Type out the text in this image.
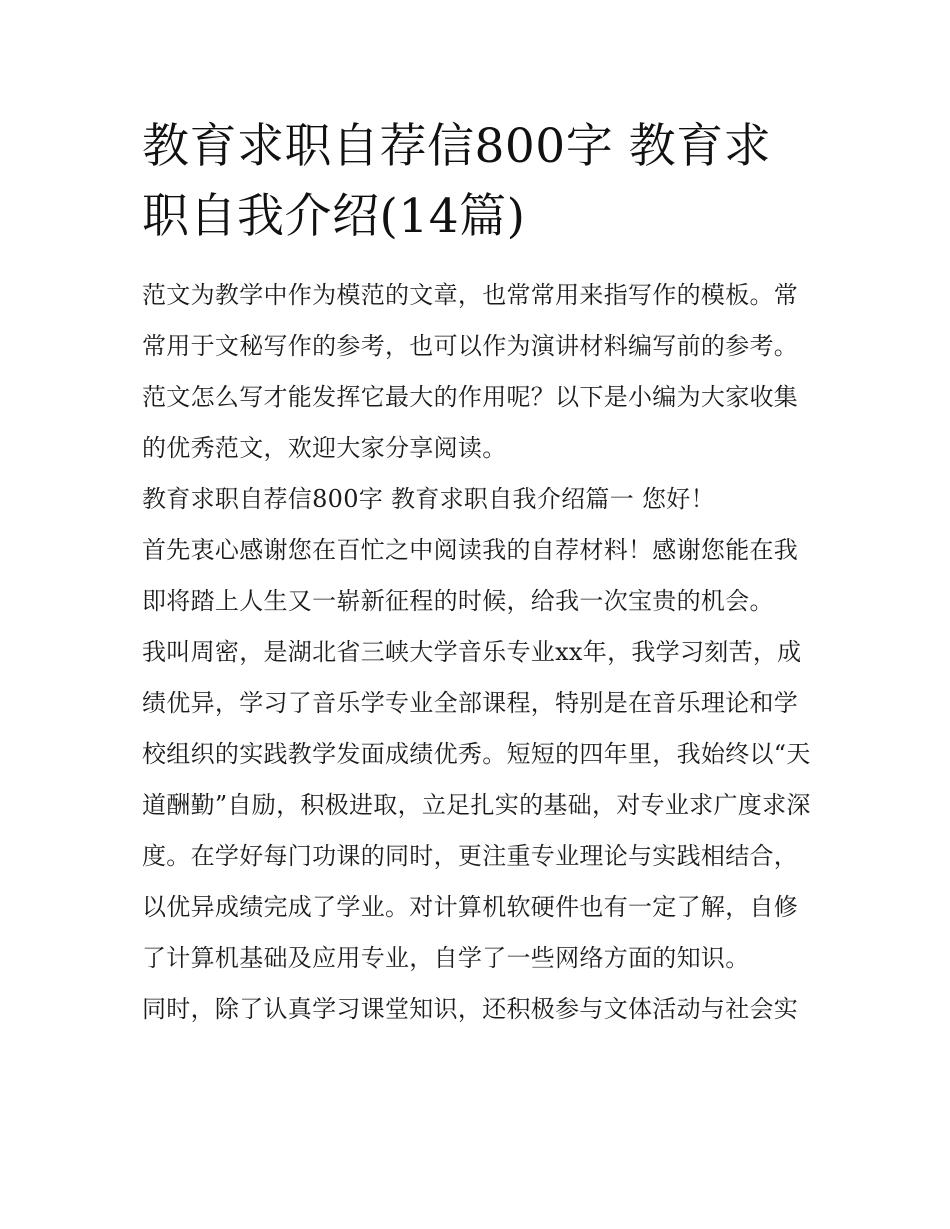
教育求职自荐信800字 教育求职自我介绍(14篇)

范文为教学中作为模范的文章，也常常用来指写作的模板。常常用于文秘写作的参考，也可以作为演讲材料编写前的参考。范文怎么写才能发挥它最大的作用呢？以下是小编为大家收集的优秀范文，欢迎大家分享阅读。

教育求职自荐信800字 教育求职自我介绍篇一 您好！

首先衷心感谢您在百忙之中阅读我的自荐材料！感谢您能在我即将踏上人生又一崭新征程的时候，给我一次宝贵的机会。

我叫周密，是湖北省三峡大学音乐专业xx年，我学习刻苦，成绩优异，学习了音乐学专业全部课程，特别是在音乐理论和学校组织的实践教学发面成绩优秀。短短的四年里，我始终以“天道酬勤”自励，积极进取，立足扎实的基础，对专业求广度求深度。在学好每门功课的同时，更注重专业理论与实践相结合，以优异成绩完成了学业。对计算机软硬件也有一定了解，自修了计算机基础及应用专业，自学了一些网络方面的知识。

同时，除了认真学习课堂知识，还积极参与文体活动与社会实
